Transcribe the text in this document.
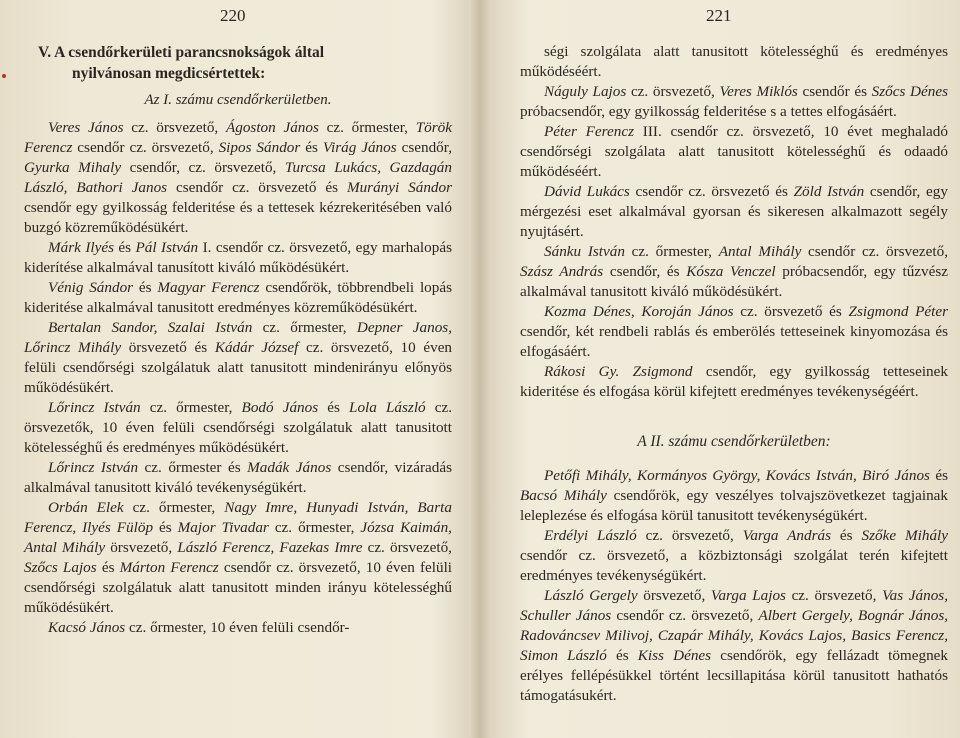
220

V. A csendőrkerületi parancsnokságok által
nyilvánosan megdicsértettek:

Az I. számu csendőrkerületben.

Veres János cz. örsvezető, Ágoston János cz. őrmester, Török Ferencz csendőr cz. örsvezető, Sipos Sándor és Virág János csendőr, Gyurka Mihaly csendőr, cz. örsvezető, Turcsa Lukács, Gazdagán László, Bathori Janos csendőr cz. örsvezető és Murányi Sándor csendőr egy gyilkosság felderitése és a tettesek kézrekeritésében való buzgó közreműködésükért.

Márk Ilyés és Pál István I. csendőr cz. örsvezető, egy marhalopás kiderítése alkalmával tanusított kiváló működésükért.

Vénig Sándor és Magyar Ferencz csendőrök, többrendbeli lopás kideritése alkalmával tanusitott eredményes közreműködésükért.

Bertalan Sandor, Szalai István cz. őrmester, Depner Janos, Lőrincz Mihály örsvezető és Kádár József cz. örsvezető, 10 éven felüli csendőrségi szolgálatuk alatt tanusitott mindenirányu előnyös működésükért.

Lőrincz István cz. őrmester, Bodó János és Lola László cz. örsvezetők, 10 éven felüli csendőrségi szolgálatuk alatt tanusitott kötelességhű és eredményes működésükért.

Lőrincz István cz. őrmester és Madák János csendőr, vizáradás alkalmával tanusitott kiváló tevékenységükért.

Orbán Elek cz. őrmester, Nagy Imre, Hunyadi István, Barta Ferencz, Ilyés Fülöp és Major Tivadar cz. őrmester, Józsa Kaimán, Antal Mihály örsvezető, László Ferencz, Fazekas Imre cz. örsvezető, Szőcs Lajos és Márton Ferencz csendőr cz. örsvezető, 10 éven felüli csendőrségi szolgálatuk alatt tanusitott minden irányu kötelességhű működésükért.

Kacsó János cz. őrmester, 10 éven felüli csendőr-

221

ségi szolgálata alatt tanusitott kötelességhű és eredményes működéséért.

Náguly Lajos cz. örsvezető, Veres Miklós csendőr és Szőcs Dénes próbacsendőr, egy gyilkosság felderitése s a tettes elfogásáért.

Péter Ferencz III. csendőr cz. örsvezető, 10 évet meghaladó csendőrségi szolgálata alatt tanusitott kötelességhű és odaadó működéséért.

Dávid Lukács csendőr cz. örsvezető és Zöld István csendőr, egy mérgezési eset alkalmával gyorsan és sikeresen alkalmazott segély nyujtásért.

Sánku István cz. őrmester, Antal Mihály csendőr cz. örsvezető, Szász András csendőr, és Kósza Venczel próbacsendőr, egy tűzvész alkalmával tanusitott kiváló működésükért.

Kozma Dénes, Koroján János cz. örsvezető és Zsigmond Péter csendőr, két rendbeli rablás és emberölés tetteseinek kinyomozása és elfogásáért.

Rákosi Gy. Zsigmond csendőr, egy gyilkosság tetteseinek kideritése és elfogása körül kifejtett eredményes tevékenységéért.

A II. számu csendőrkerületben:

Petőfi Mihály, Kormányos György, Kovács István, Biró János és Bacsó Mihály csendőrök, egy veszélyes tolvajszövetkezet tagjainak leleplezése és elfogása körül tanusitott tevékenységükért.

Erdélyi László cz. örsvezető, Varga András és Szőke Mihály csendőr cz. örsvezető, a közbiztonsági szolgálat terén kifejtett eredményes tevékenységükért.

László Gergely örsvezető, Varga Lajos cz. örsvezető, Vas János, Schuller János csendőr cz. örsvezető, Albert Gergely, Bognár János, Radováncsev Milivoj, Czapár Mihály, Kovács Lajos, Basics Ferencz, Simon László és Kiss Dénes csendőrök, egy fellázadt tömegnek erélyes fellépésükkel történt lecsillapitása körül tanusitott hathatós támogatásukért.
